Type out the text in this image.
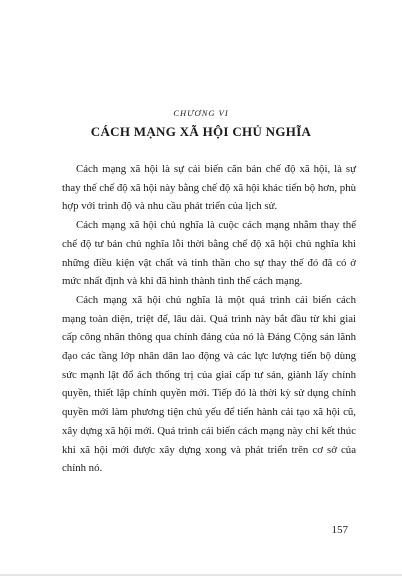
CHƯƠNG VI
CÁCH MẠNG XÃ HỘI CHỦ NGHĨA

Cách mạng xã hội là sự cải biến căn bản chế độ xã hội, là sự thay thế chế độ xã hội này bằng chế độ xã hội khác tiến bộ hơn, phù hợp với trình độ và nhu cầu phát triển của lịch sử.

Cách mạng xã hội chủ nghĩa là cuộc cách mạng nhằm thay thế chế độ tư bản chủ nghĩa lỗi thời bằng chế độ xã hội chủ nghĩa khi những điều kiện vật chất và tinh thần cho sự thay thế đó đã có ở mức nhất định và khi đã hình thành tình thế cách mạng.

Cách mạng xã hội chủ nghĩa là một quá trình cải biến cách mạng toàn diện, triệt để, lâu dài. Quá trình này bắt đầu từ khi giai cấp công nhân thông qua chính đảng của nó là Đảng Cộng sản lãnh đạo các tầng lớp nhân dân lao động và các lực lượng tiến bộ dùng sức mạnh lật đổ ách thống trị của giai cấp tư sản, giành lấy chính quyền, thiết lập chính quyền mới. Tiếp đó là thời kỳ sử dụng chính quyền mới làm phương tiện chủ yếu để tiến hành cải tạo xã hội cũ, xây dựng xã hội mới. Quá trình cải biến cách mạng này chỉ kết thúc khi xã hội mới được xây dựng xong và phát triển trên cơ sở của chính nó.

157
